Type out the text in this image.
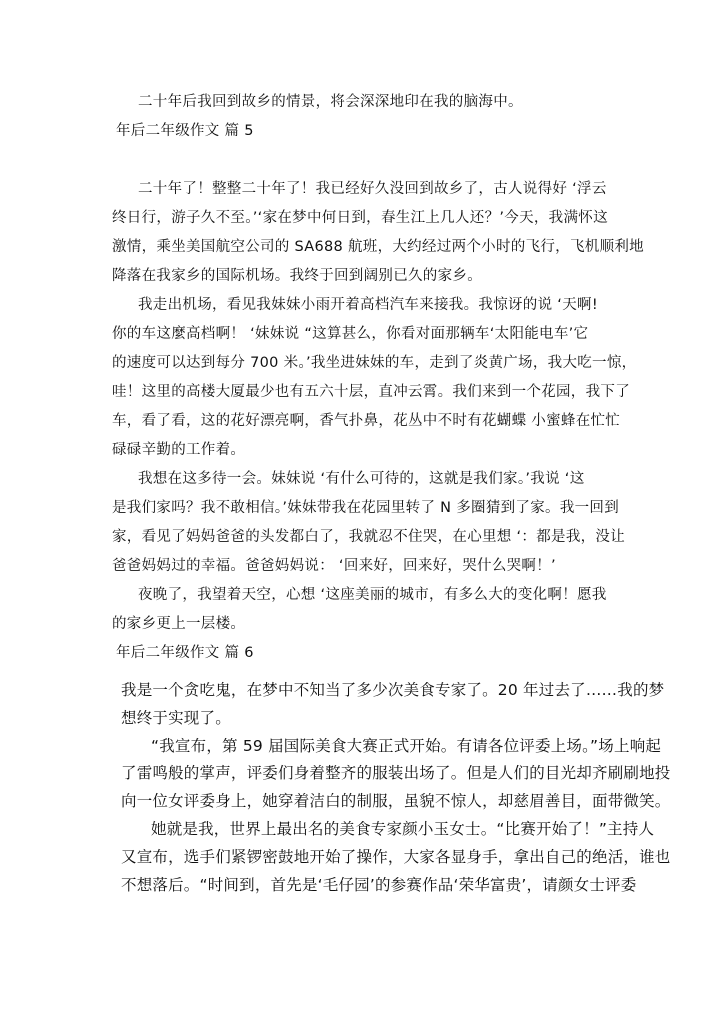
二十年后我回到故乡的情景，将会深深地印在我的脑海中。
年后二年级作文 篇 5
二十年了！整整二十年了！我已经好久没回到故乡了，古人说得好 ‘浮云
终日行，游子久不至。’‘家在梦中何日到，春生江上几人还？’今天，我满怀这
激情，乘坐美国航空公司的 SA688 航班，大约经过两个小时的飞行，飞机顺利地
降落在我家乡的国际机场。我终于回到阔别已久的家乡。
我走出机场，看见我妹妹小雨开着高档汽车来接我。我惊讶的说 ‘天啊!
你的车这麼高档啊！ ‘妹妹说 “这算甚么，你看对面那辆车‘太阳能电车’它
的速度可以达到每分 700 米。’我坐进妹妹的车，走到了炎黄广场，我大吃一惊，
哇！这里的高楼大厦最少也有五六十层，直冲云霄。我们来到一个花园，我下了
车，看了看，这的花好漂亮啊，香气扑鼻，花丛中不时有花蝴蝶 小蜜蜂在忙忙
碌碌辛勤的工作着。
我想在这多待一会。妹妹说 ‘有什么可待的，这就是我们家。’我说 ‘这
是我们家吗？我不敢相信。’妹妹带我在花园里转了 N 多圈猜到了家。我一回到
家，看见了妈妈爸爸的头发都白了，我就忍不住哭，在心里想 ‘：都是我，没让
爸爸妈妈过的幸福。爸爸妈妈说： ‘回来好，回来好，哭什么哭啊！’
夜晚了，我望着天空，心想 ‘这座美丽的城市，有多么大的变化啊！愿我
的家乡更上一层楼。
年后二年级作文 篇 6
我是一个贪吃鬼，在梦中不知当了多少次美食专家了。20 年过去了……我的梦
想终于实现了。
“我宣布，第 59 届国际美食大赛正式开始。有请各位评委上场。”场上响起
了雷鸣般的掌声，评委们身着整齐的服装出场了。但是人们的目光却齐刷刷地投
向一位女评委身上，她穿着洁白的制服，虽貌不惊人，却慈眉善目，面带微笑。
她就是我，世界上最出名的美食专家颜小玉女士。“比赛开始了！”主持人
又宣布，选手们紧锣密鼓地开始了操作，大家各显身手，拿出自己的绝活，谁也
不想落后。“时间到，首先是‘毛仔园’的参赛作品‘荣华富贵’，请颜女士评委
